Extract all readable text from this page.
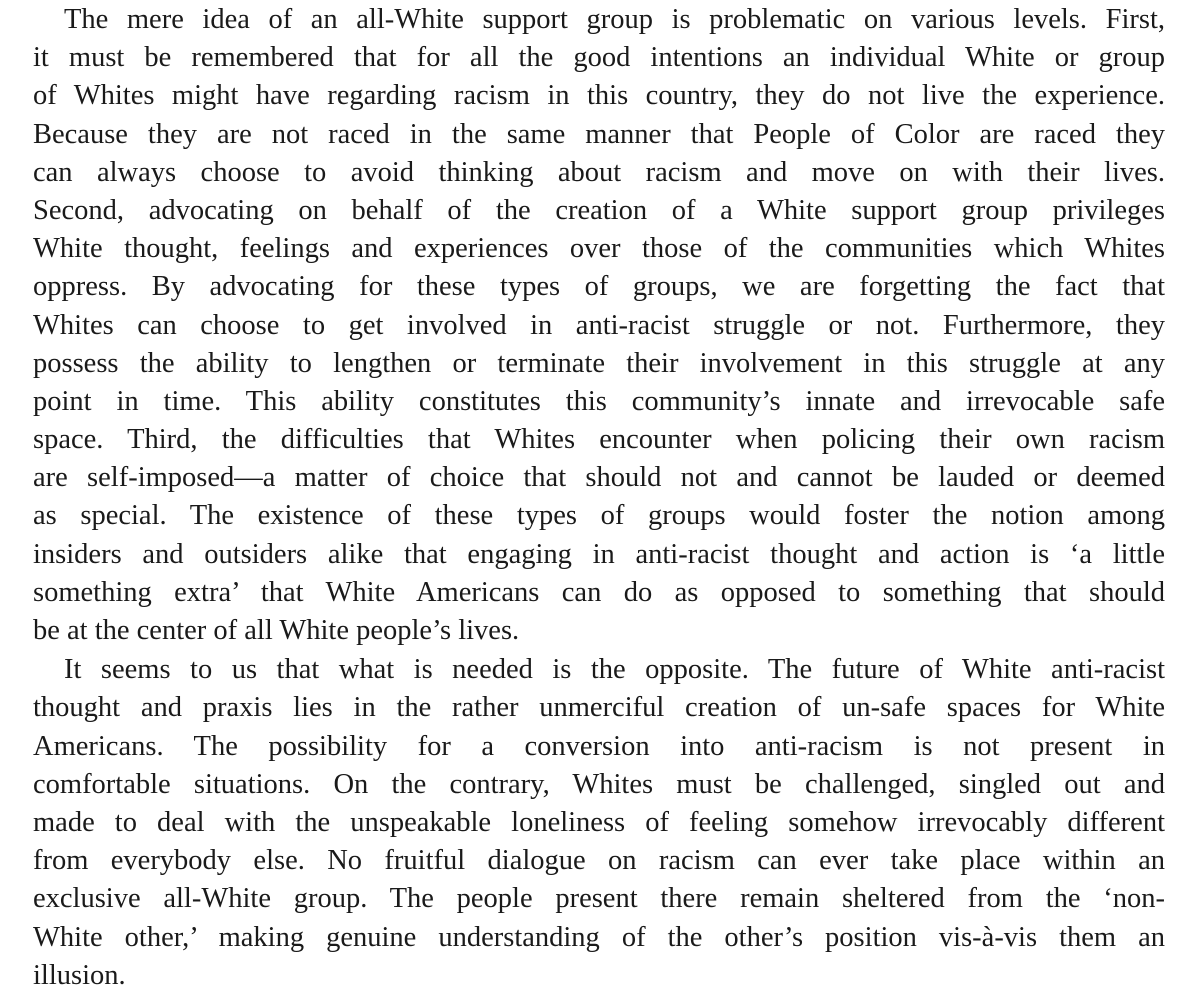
The mere idea of an all-White support group is problematic on various levels. First,
it must be remembered that for all the good intentions an individual White or group
of Whites might have regarding racism in this country, they do not live the experience.
Because they are not raced in the same manner that People of Color are raced they
can always choose to avoid thinking about racism and move on with their lives.
Second, advocating on behalf of the creation of a White support group privileges
White thought, feelings and experiences over those of the communities which Whites
oppress. By advocating for these types of groups, we are forgetting the fact that
Whites can choose to get involved in anti-racist struggle or not. Furthermore, they
possess the ability to lengthen or terminate their involvement in this struggle at any
point in time. This ability constitutes this community’s innate and irrevocable safe
space. Third, the difficulties that Whites encounter when policing their own racism
are self-imposed—a matter of choice that should not and cannot be lauded or deemed
as special. The existence of these types of groups would foster the notion among
insiders and outsiders alike that engaging in anti-racist thought and action is ‘a little
something extra’ that White Americans can do as opposed to something that should
be at the center of all White people’s lives.
It seems to us that what is needed is the opposite. The future of White anti-racist
thought and praxis lies in the rather unmerciful creation of un-safe spaces for White
Americans. The possibility for a conversion into anti-racism is not present in
comfortable situations. On the contrary, Whites must be challenged, singled out and
made to deal with the unspeakable loneliness of feeling somehow irrevocably different
from everybody else. No fruitful dialogue on racism can ever take place within an
exclusive all-White group. The people present there remain sheltered from the ‘non-
White other,’ making genuine understanding of the other’s position vis-à-vis them an
illusion.
